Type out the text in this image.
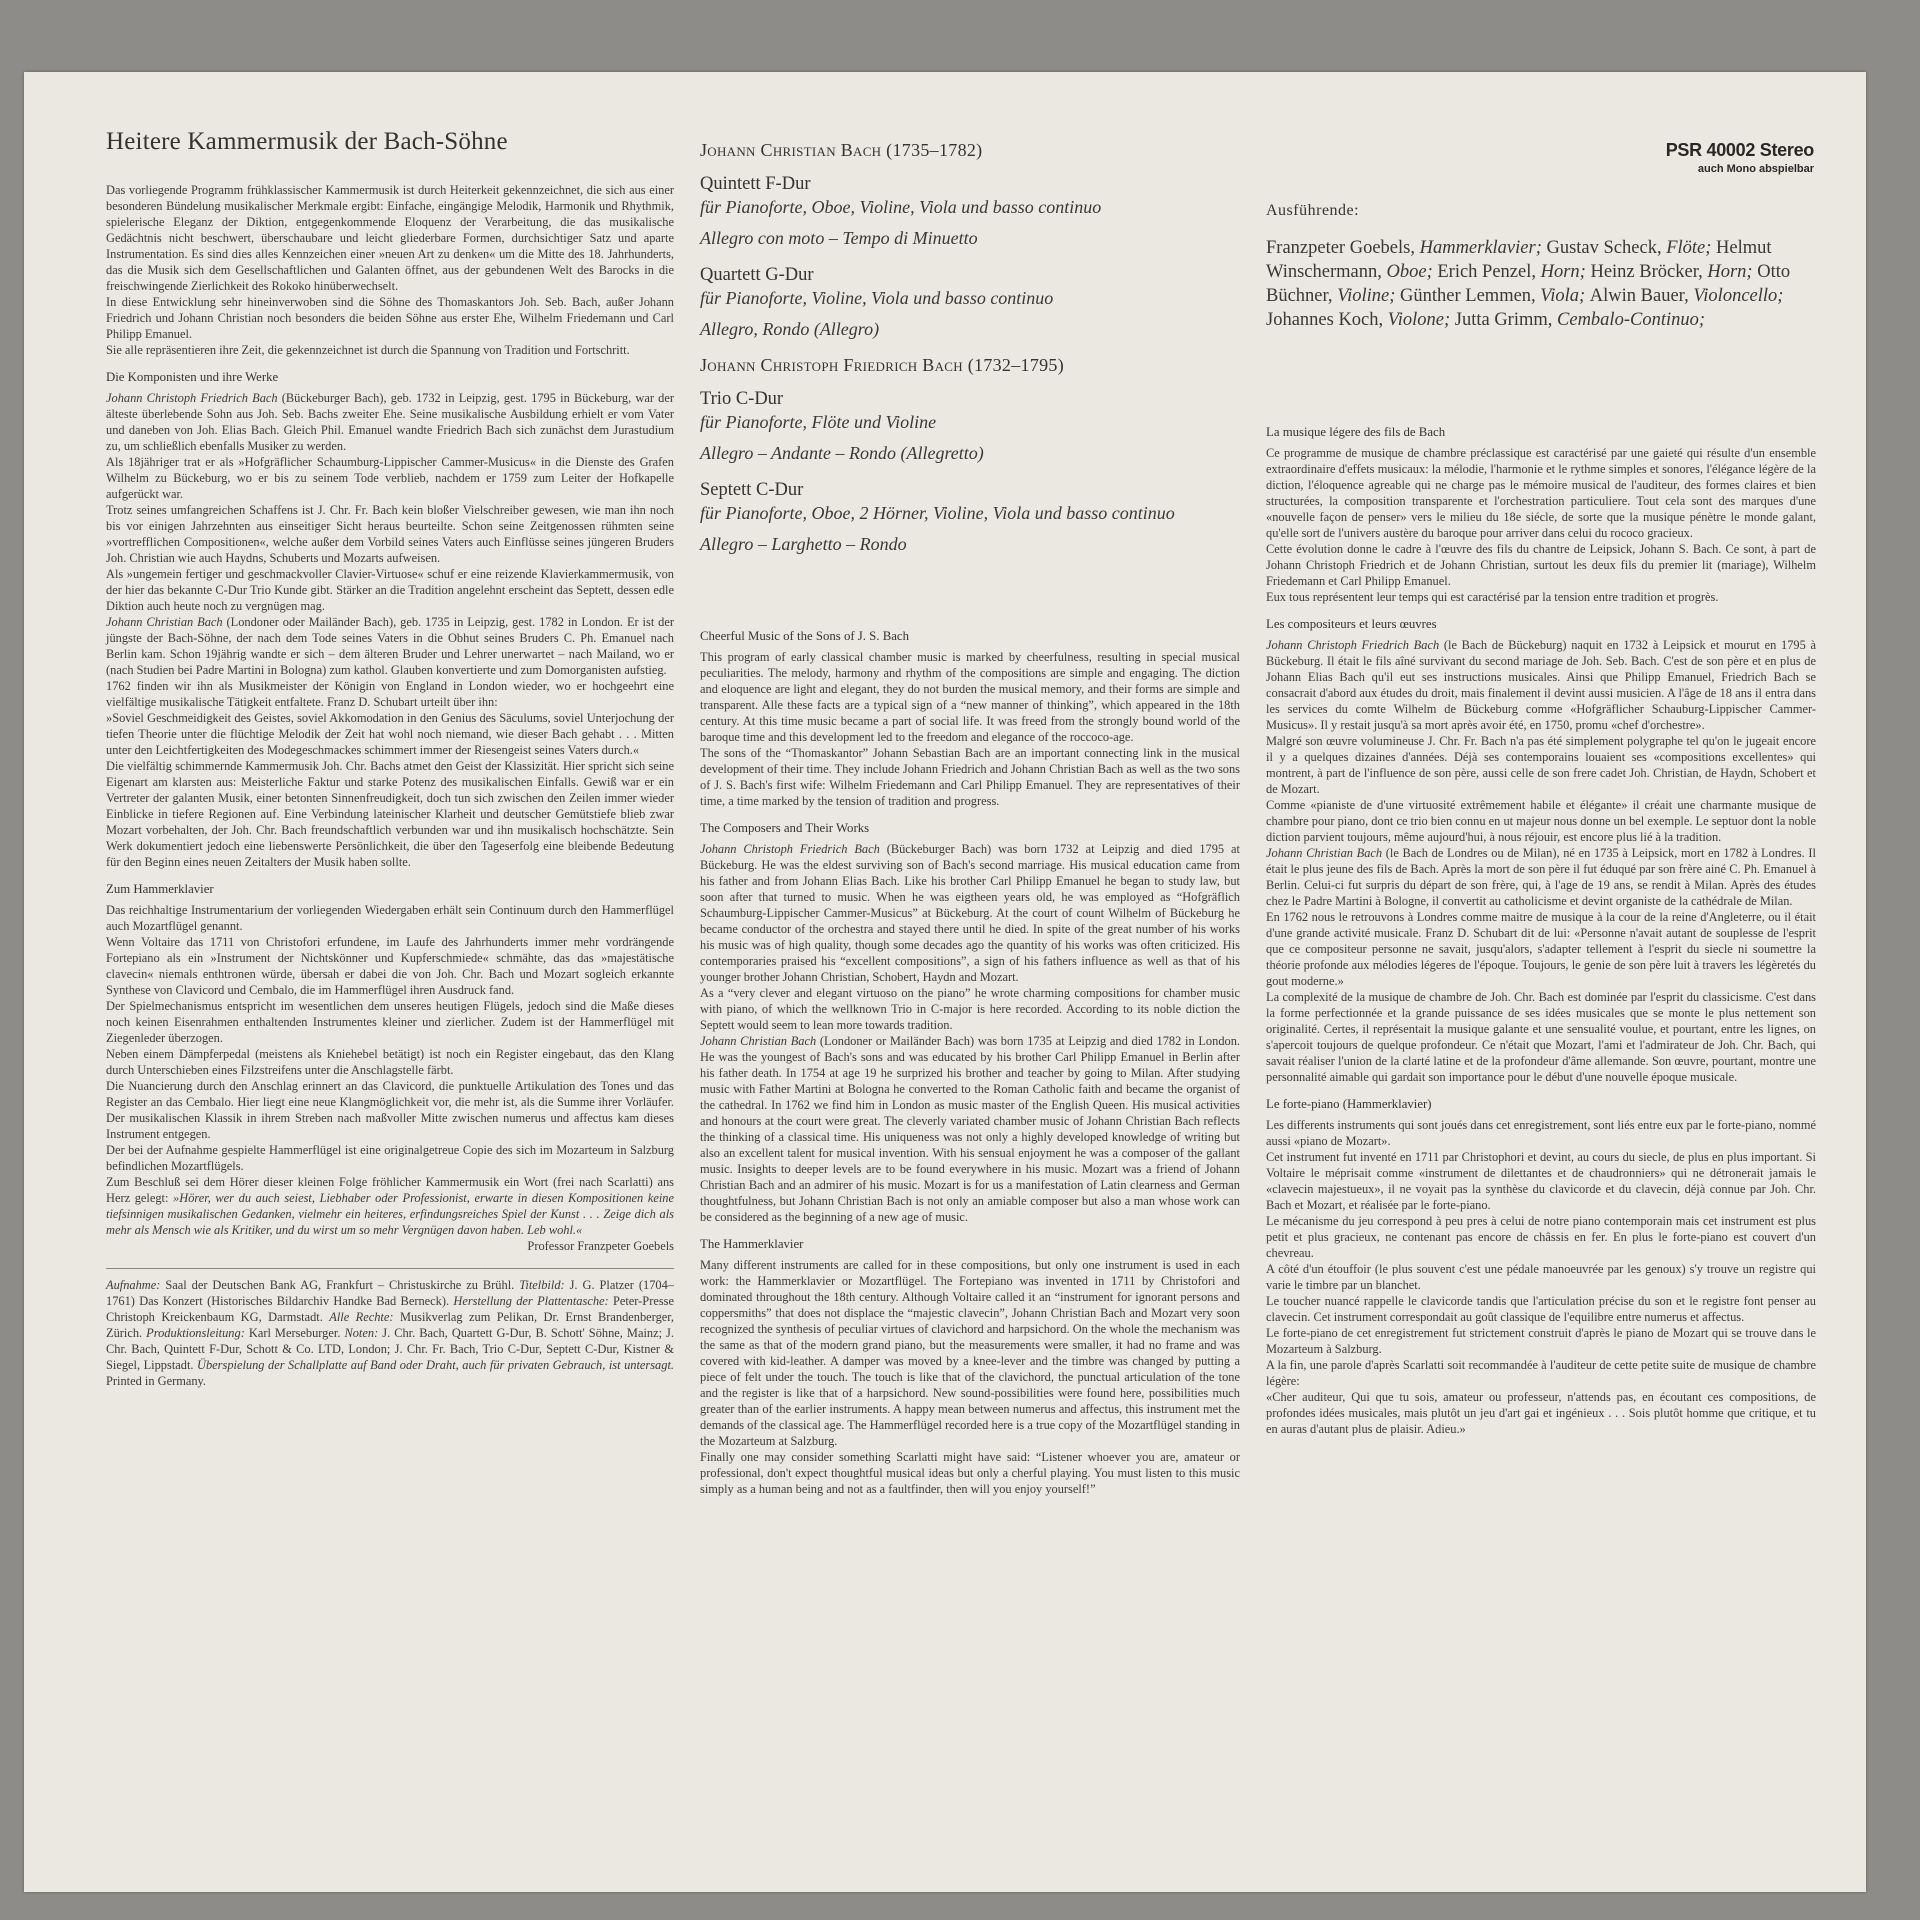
Heitere Kammermusik der Bach-Söhne
Das vorliegende Programm frühklassischer Kammermusik ist durch Heiterkeit gekennzeichnet, die sich aus einer besonderen Bündelung musikalischer Merkmale ergibt: Einfache, eingängige Melodik, Harmonik und Rhythmik, spielerische Eleganz der Diktion, entgegenkommende Eloquenz der Verarbeitung, die das musikalische Gedächtnis nicht beschwert, überschaubare und leicht gliederbare Formen, durchsichtiger Satz und aparte Instrumentation. Es sind dies alles Kennzeichen einer »neuen Art zu denken« um die Mitte des 18. Jahrhunderts, das die Musik sich dem Gesellschaftlichen und Galanten öffnet, aus der gebundenen Welt des Barocks in die freischwingende Zierlichkeit des Rokoko hinüberwechselt.
In diese Entwicklung sehr hineinverwoben sind die Söhne des Thomaskantors Joh. Seb. Bach, außer Johann Friedrich und Johann Christian noch besonders die beiden Söhne aus erster Ehe, Wilhelm Friedemann und Carl Philipp Emanuel.
Sie alle repräsentieren ihre Zeit, die gekennzeichnet ist durch die Spannung von Tradition und Fortschritt.
Die Komponisten und ihre Werke
Johann Christoph Friedrich Bach (Bückeburger Bach), geb. 1732 in Leipzig, gest. 1795 in Bückeburg, war der älteste überlebende Sohn aus Joh. Seb. Bachs zweiter Ehe. Seine musikalische Ausbildung erhielt er vom Vater und daneben von Joh. Elias Bach. Gleich Phil. Emanuel wandte Friedrich Bach sich zunächst dem Jurastudium zu, um schließlich ebenfalls Musiker zu werden.
Als 18jähriger trat er als »Hofgräflicher Schaumburg-Lippischer Cammer-Musicus« in die Dienste des Grafen Wilhelm zu Bückeburg, wo er bis zu seinem Tode verblieb, nachdem er 1759 zum Leiter der Hofkapelle aufgerückt war.
Trotz seines umfangreichen Schaffens ist J. Chr. Fr. Bach kein bloßer Vielschreiber gewesen, wie man ihn noch bis vor einigen Jahrzehnten aus einseitiger Sicht heraus beurteilte. Schon seine Zeitgenossen rühmten seine »vortrefflichen Compositionen«, welche außer dem Vorbild seines Vaters auch Einflüsse seines jüngeren Bruders Joh. Christian wie auch Haydns, Schuberts und Mozarts aufweisen.
Als »ungemein fertiger und geschmackvoller Clavier-Virtuose« schuf er eine reizende Klavierkammermusik, von der hier das bekannte C-Dur Trio Kunde gibt. Stärker an die Tradition angelehnt erscheint das Septett, dessen edle Diktion auch heute noch zu vergnügen mag.
Johann Christian Bach (Londoner oder Mailänder Bach), geb. 1735 in Leipzig, gest. 1782 in London. Er ist der jüngste der Bach-Söhne, der nach dem Tode seines Vaters in die Obhut seines Bruders C. Ph. Emanuel nach Berlin kam. Schon 19jährig wandte er sich – dem älteren Bruder und Lehrer unerwartet – nach Mailand, wo er (nach Studien bei Padre Martini in Bologna) zum kathol. Glauben konvertierte und zum Domorganisten aufstieg.
1762 finden wir ihn als Musikmeister der Königin von England in London wieder, wo er hochgeehrt eine vielfältige musikalische Tätigkeit entfaltete. Franz D. Schubart urteilt über ihn:
»Soviel Geschmeidigkeit des Geistes, soviel Akkomodation in den Genius des Säculums, soviel Unterjochung der tiefen Theorie unter die flüchtige Melodik der Zeit hat wohl noch niemand, wie dieser Bach gehabt . . . Mitten unter den Leichtfertigkeiten des Modegeschmackes schimmert immer der Riesengeist seines Vaters durch.«
Die vielfältig schimmernde Kammermusik Joh. Chr. Bachs atmet den Geist der Klassizität. Hier spricht sich seine Eigenart am klarsten aus: Meisterliche Faktur und starke Potenz des musikalischen Einfalls. Gewiß war er ein Vertreter der galanten Musik, einer betonten Sinnenfreudigkeit, doch tun sich zwischen den Zeilen immer wieder Einblicke in tiefere Regionen auf. Eine Verbindung lateinischer Klarheit und deutscher Gemütstiefe blieb zwar Mozart vorbehalten, der Joh. Chr. Bach freundschaftlich verbunden war und ihn musikalisch hochschätzte. Sein Werk dokumentiert jedoch eine liebenswerte Persönlichkeit, die über den Tageserfolg eine bleibende Bedeutung für den Beginn eines neuen Zeitalters der Musik haben sollte.
Zum Hammerklavier
Das reichhaltige Instrumentarium der vorliegenden Wiedergaben erhält sein Continuum durch den Hammerflügel auch Mozartflügel genannt.
Wenn Voltaire das 1711 von Christofori erfundene, im Laufe des Jahrhunderts immer mehr vordrängende Fortepiano als ein »Instrument der Nichtskönner und Kupferschmiede« schmähte, das das »majestätische clavecin« niemals enthtronen würde, übersah er dabei die von Joh. Chr. Bach und Mozart sogleich erkannte Synthese von Clavicord und Cembalo, die im Hammerflügel ihren Ausdruck fand.
Der Spielmechanismus entspricht im wesentlichen dem unseres heutigen Flügels, jedoch sind die Maße dieses noch keinen Eisenrahmen enthaltenden Instrumentes kleiner und zierlicher. Zudem ist der Hammerflügel mit Ziegenleder überzogen.
Neben einem Dämpferpedal (meistens als Kniehebel betätigt) ist noch ein Register eingebaut, das den Klang durch Unterschieben eines Filzstreifens unter die Anschlagstelle färbt.
Die Nuancierung durch den Anschlag erinnert an das Clavicord, die punktuelle Artikulation des Tones und das Register an das Cembalo. Hier liegt eine neue Klangmöglichkeit vor, die mehr ist, als die Summe ihrer Vorläufer. Der musikalischen Klassik in ihrem Streben nach maßvoller Mitte zwischen numerus und affectus kam dieses Instrument entgegen.
Der bei der Aufnahme gespielte Hammerflügel ist eine originalgetreue Copie des sich im Mozarteum in Salzburg befindlichen Mozartflügels.
Zum Beschluß sei dem Hörer dieser kleinen Folge fröhlicher Kammermusik ein Wort (frei nach Scarlatti) ans Herz gelegt: »Hörer, wer du auch seiest, Liebhaber oder Professionist, erwarte in diesen Kompositionen keine tiefsinnigen musikalischen Gedanken, vielmehr ein heiteres, erfindungsreiches Spiel der Kunst . . . Zeige dich als mehr als Mensch wie als Kritiker, und du wirst um so mehr Vergnügen davon haben. Leb wohl.«
Professor Franzpeter Goebels
Aufnahme: Saal der Deutschen Bank AG, Frankfurt – Christuskirche zu Brühl. Titelbild: J. G. Platzer (1704–1761) Das Konzert (Historisches Bildarchiv Handke Bad Berneck). Herstellung der Plattentasche: Peter-Presse Christoph Kreickenbaum KG, Darmstadt. Alle Rechte: Musikverlag zum Pelikan, Dr. Ernst Brandenberger, Zürich. Produktionsleitung: Karl Merseburger. Noten: J. Chr. Bach, Quartett G-Dur, B. Schott' Söhne, Mainz; J. Chr. Bach, Quintett F-Dur, Schott & Co. LTD, London; J. Chr. Fr. Bach, Trio C-Dur, Septett C-Dur, Kistner & Siegel, Lippstadt. Überspielung der Schallplatte auf Band oder Draht, auch für privaten Gebrauch, ist untersagt. Printed in Germany.
Johann Christian Bach (1735–1782)
Quintett F-Dur
für Pianoforte, Oboe, Violine, Viola und basso continuo
Allegro con moto – Tempo di Minuetto
Quartett G-Dur
für Pianoforte, Violine, Viola und basso continuo
Allegro, Rondo (Allegro)
Johann Christoph Friedrich Bach (1732–1795)
Trio C-Dur
für Pianoforte, Flöte und Violine
Allegro – Andante – Rondo (Allegretto)
Septett C-Dur
für Pianoforte, Oboe, 2 Hörner, Violine, Viola und basso continuo
Allegro – Larghetto – Rondo
Cheerful Music of the Sons of J. S. Bach
This program of early classical chamber music is marked by cheerfulness, resulting in special musical peculiarities. The melody, harmony and rhythm of the compositions are simple and engaging. The diction and eloquence are light and elegant, they do not burden the musical memory, and their forms are simple and transparent. Alle these facts are a typical sign of a “new manner of thinking”, which appeared in the 18th century. At this time music became a part of social life. It was freed from the strongly bound world of the baroque time and this development led to the freedom and elegance of the roccoco-age.
The sons of the “Thomaskantor” Johann Sebastian Bach are an important connecting link in the musical development of their time. They include Johann Friedrich and Johann Christian Bach as well as the two sons of J. S. Bach's first wife: Wilhelm Friedemann and Carl Philipp Emanuel. They are representatives of their time, a time marked by the tension of tradition and progress.
The Composers and Their Works
Johann Christoph Friedrich Bach (Bückeburger Bach) was born 1732 at Leipzig and died 1795 at Bückeburg. He was the eldest surviving son of Bach's second marriage. His musical education came from his father and from Johann Elias Bach. Like his brother Carl Philipp Emanuel he began to study law, but soon after that turned to music. When he was eigtheen years old, he was employed as “Hofgräflich Schaumburg-Lippischer Cammer-Musicus” at Bückeburg. At the court of count Wilhelm of Bückeburg he became conductor of the orchestra and stayed there until he died. In spite of the great number of his works his music was of high quality, though some decades ago the quantity of his works was often criticized. His contemporaries praised his “excellent compositions”, a sign of his fathers influence as well as that of his younger brother Johann Christian, Schobert, Haydn and Mozart.
As a “very clever and elegant virtuoso on the piano” he wrote charming compositions for chamber music with piano, of which the wellknown Trio in C-major is here recorded. According to its noble diction the Septett would seem to lean more towards tradition.
Johann Christian Bach (Londoner or Mailänder Bach) was born 1735 at Leipzig and died 1782 in London. He was the youngest of Bach's sons and was educated by his brother Carl Philipp Emanuel in Berlin after his father death. In 1754 at age 19 he surprized his brother and teacher by going to Milan. After studying music with Father Martini at Bologna he converted to the Roman Catholic faith and became the organist of the cathedral. In 1762 we find him in London as music master of the English Queen. His musical activities and honours at the court were great. The cleverly variated chamber music of Johann Christian Bach reflects the thinking of a classical time. His uniqueness was not only a highly developed knowledge of writing but also an excellent talent for musical invention. With his sensual enjoyment he was a composer of the gallant music. Insights to deeper levels are to be found everywhere in his music. Mozart was a friend of Johann Christian Bach and an admirer of his music. Mozart is for us a manifestation of Latin clearness and German thoughtfulness, but Johann Christian Bach is not only an amiable composer but also a man whose work can be considered as the beginning of a new age of music.
The Hammerklavier
Many different instruments are called for in these compositions, but only one instrument is used in each work: the Hammerklavier or Mozartflügel. The Fortepiano was invented in 1711 by Christofori and dominated throughout the 18th century. Although Voltaire called it an “instrument for ignorant persons and coppersmiths” that does not displace the “majestic clavecin”, Johann Christian Bach and Mozart very soon recognized the synthesis of peculiar virtues of clavichord and harpsichord. On the whole the mechanism was the same as that of the modern grand piano, but the measurements were smaller, it had no frame and was covered with kid-leather. A damper was moved by a knee-lever and the timbre was changed by putting a piece of felt under the touch. The touch is like that of the clavichord, the punctual articulation of the tone and the register is like that of a harpsichord. New sound-possibilities were found here, possibilities much greater than of the earlier instruments. A happy mean between numerus and affectus, this instrument met the demands of the classical age. The Hammerflügel recorded here is a true copy of the Mozartflügel standing in the Mozarteum at Salzburg.
Finally one may consider something Scarlatti might have said: “Listener whoever you are, amateur or professional, don't expect thoughtful musical ideas but only a cherful playing. You must listen to this music simply as a human being and not as a faultfinder, then will you enjoy yourself!”
PSR 40002 Stereo
auch Mono abspielbar
Ausführende:
Franzpeter Goebels, Hammerklavier; Gustav Scheck, Flöte; Helmut Winschermann, Oboe; Erich Penzel, Horn; Heinz Bröcker, Horn; Otto Büchner, Violine; Günther Lemmen, Viola; Alwin Bauer, Violoncello; Johannes Koch, Violone; Jutta Grimm, Cembalo-Continuo;
La musique légere des fils de Bach
Ce programme de musique de chambre préclassique est caractérisé par une gaieté qui résulte d'un ensemble extraordinaire d'effets musicaux: la mélodie, l'harmonie et le rythme simples et sonores, l'élégance légère de la diction, l'éloquence agreable qui ne charge pas le mémoire musical de l'auditeur, des formes claires et bien structurées, la composition transparente et l'orchestration particuliere. Tout cela sont des marques d'une «nouvelle façon de penser» vers le milieu du 18e siécle, de sorte que la musique pénètre le monde galant, qu'elle sort de l'univers austère du baroque pour arriver dans celui du rococo gracieux.
Cette évolution donne le cadre à l'œuvre des fils du chantre de Leipsick, Johann S. Bach. Ce sont, à part de Johann Christoph Friedrich et de Johann Christian, surtout les deux fils du premier lit (mariage), Wilhelm Friedemann et Carl Philipp Emanuel.
Eux tous représentent leur temps qui est caractérisé par la tension entre tradition et progrès.
Les compositeurs et leurs œuvres
Johann Christoph Friedrich Bach (le Bach de Bückeburg) naquit en 1732 à Leipsick et mourut en 1795 à Bückeburg. Il était le fils aîné survivant du second mariage de Joh. Seb. Bach. C'est de son père et en plus de Johann Elias Bach qu'il eut ses instructions musicales. Ainsi que Philipp Emanuel, Friedrich Bach se consacrait d'abord aux études du droit, mais finalement il devint aussi musicien. A l'âge de 18 ans il entra dans les services du comte Wilhelm de Bückeburg comme «Hofgräflicher Schauburg-Lippischer Cammer-Musicus». Il y restait jusqu'à sa mort après avoir été, en 1750, promu «chef d'orchestre».
Malgré son œuvre volumineuse J. Chr. Fr. Bach n'a pas été simplement polygraphe tel qu'on le jugeait encore il y a quelques dizaines d'années. Déjà ses contemporains louaient ses «compositions excellentes» qui montrent, à part de l'influence de son père, aussi celle de son frere cadet Joh. Christian, de Haydn, Schobert et de Mozart.
Comme «pianiste de d'une virtuosité extrêmement habile et élégante» il créait une charmante musique de chambre pour piano, dont ce trio bien connu en ut majeur nous donne un bel exemple. Le septuor dont la noble diction parvient toujours, même aujourd'hui, à nous réjouir, est encore plus lié à la tradition.
Johann Christian Bach (le Bach de Londres ou de Milan), né en 1735 à Leipsick, mort en 1782 à Londres. Il était le plus jeune des fils de Bach. Après la mort de son père il fut éduqué par son frère ainé C. Ph. Emanuel à Berlin. Celui-ci fut surpris du départ de son frère, qui, à l'age de 19 ans, se rendit à Milan. Après des études chez le Padre Martini à Bologne, il convertit au catholicisme et devint organiste de la cathédrale de Milan.
En 1762 nous le retrouvons à Londres comme maitre de musique à la cour de la reine d'Angleterre, ou il était d'une grande activité musicale. Franz D. Schubart dit de lui: «Personne n'avait autant de souplesse de l'esprit que ce compositeur personne ne savait, jusqu'alors, s'adapter tellement à l'esprit du siecle ni soumettre la théorie profonde aux mélodies légeres de l'époque. Toujours, le genie de son père luit à travers les légèretés du gout moderne.»
La complexité de la musique de chambre de Joh. Chr. Bach est dominée par l'esprit du classicisme. C'est dans la forme perfectionnée et la grande puissance de ses idées musicales que se monte le plus nettement son originalité. Certes, il représentait la musique galante et une sensualité voulue, et pourtant, entre les lignes, on s'apercoit toujours de quelque profondeur. Ce n'était que Mozart, l'ami et l'admirateur de Joh. Chr. Bach, qui savait réaliser l'union de la clarté latine et de la profondeur d'âme allemande. Son œuvre, pourtant, montre une personnalité aimable qui gardait son importance pour le début d'une nouvelle époque musicale.
Le forte-piano (Hammerklavier)
Les differents instruments qui sont joués dans cet enregistrement, sont liés entre eux par le forte-piano, nommé aussi «piano de Mozart».
Cet instrument fut inventé en 1711 par Christophori et devint, au cours du siecle, de plus en plus important. Si Voltaire le méprisait comme «instrument de dilettantes et de chaudronniers» qui ne détronerait jamais le «clavecin majestueux», il ne voyait pas la synthèse du clavicorde et du clavecin, déjà connue par Joh. Chr. Bach et Mozart, et réalisée par le forte-piano.
Le mécanisme du jeu correspond à peu pres à celui de notre piano contemporain mais cet instrument est plus petit et plus gracieux, ne contenant pas encore de châssis en fer. En plus le forte-piano est couvert d'un chevreau.
A côté d'un étouffoir (le plus souvent c'est une pédale manoeuvrée par les genoux) s'y trouve un registre qui varie le timbre par un blanchet.
Le toucher nuancé rappelle le clavicorde tandis que l'articulation précise du son et le registre font penser au clavecin. Cet instrument correspondait au goût classique de l'equilibre entre numerus et affectus.
Le forte-piano de cet enregistrement fut strictement construit d'après le piano de Mozart qui se trouve dans le Mozarteum à Salzburg.
A la fin, une parole d'après Scarlatti soit recommandée à l'auditeur de cette petite suite de musique de chambre légère:
«Cher auditeur, Qui que tu sois, amateur ou professeur, n'attends pas, en écoutant ces compositions, de profondes idées musicales, mais plutôt un jeu d'art gai et ingénieux . . . Sois plutôt homme que critique, et tu en auras d'autant plus de plaisir. Adieu.»
